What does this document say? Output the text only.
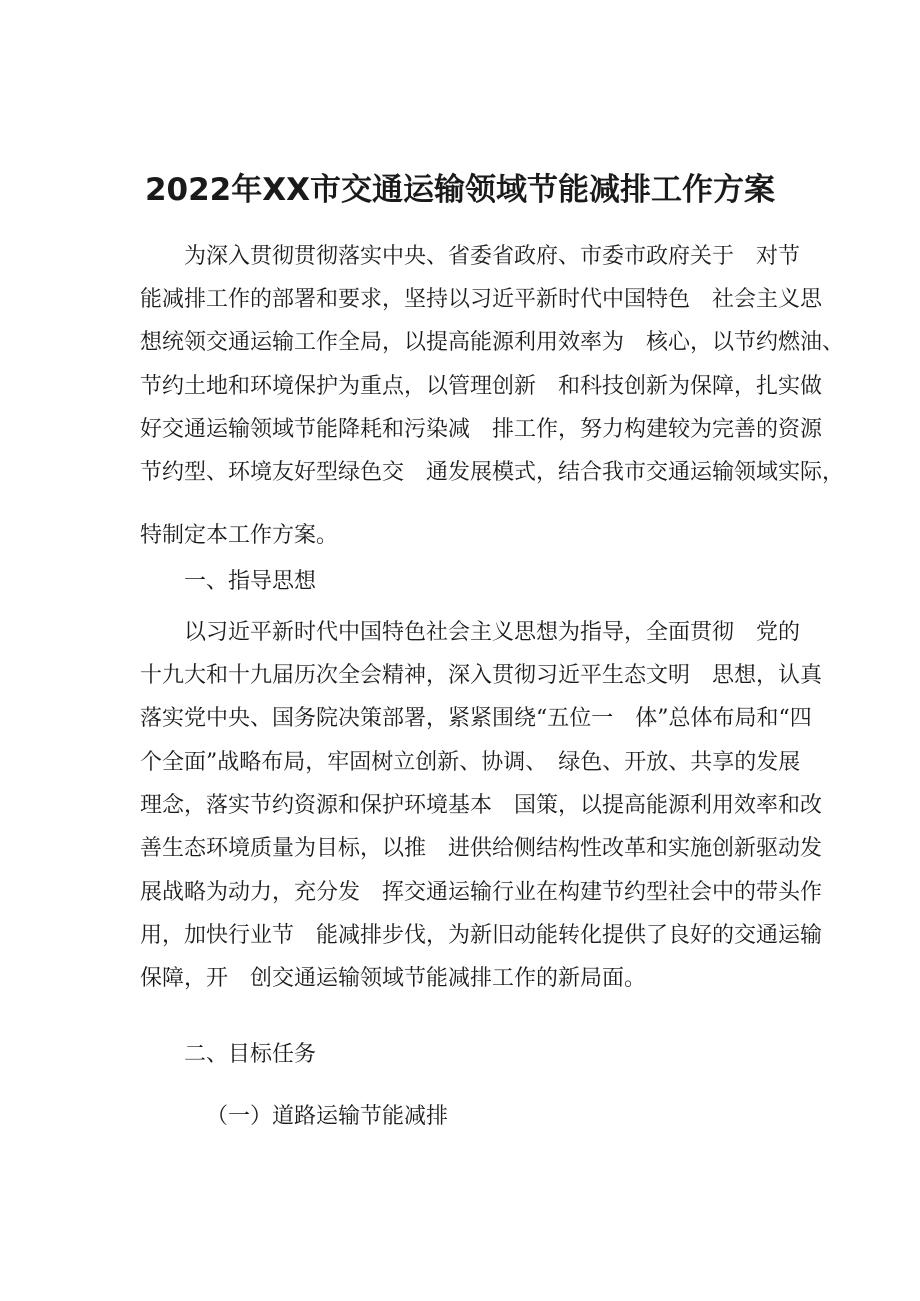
2022年XX市交通运输领域节能减排工作方案
为深入贯彻贯彻落实中央、省委省政府、市委市政府关于　对节
能减排工作的部署和要求，坚持以习近平新时代中国特色　社会主义思
想统领交通运输工作全局，以提高能源利用效率为　核心，以节约燃油、
节约土地和环境保护为重点，以管理创新　和科技创新为保障，扎实做
好交通运输领域节能降耗和污染减　排工作，努力构建较为完善的资源
节约型、环境友好型绿色交　通发展模式，结合我市交通运输领域实际，
特制定本工作方案。
一、指导思想
以习近平新时代中国特色社会主义思想为指导，全面贯彻　党的
十九大和十九届历次全会精神，深入贯彻习近平生态文明　思想，认真
落实党中央、国务院决策部署，紧紧围绕“五位一　体”总体布局和“四
个全面”战略布局，牢固树立创新、协调、　绿色、开放、共享的发展
理念，落实节约资源和保护环境基本　国策，以提高能源利用效率和改
善生态环境质量为目标，以推　进供给侧结构性改革和实施创新驱动发
展战略为动力，充分发　挥交通运输行业在构建节约型社会中的带头作
用，加快行业节　能减排步伐，为新旧动能转化提供了良好的交通运输
保障，开　创交通运输领域节能减排工作的新局面。
二、目标任务
（一）道路运输节能减排
